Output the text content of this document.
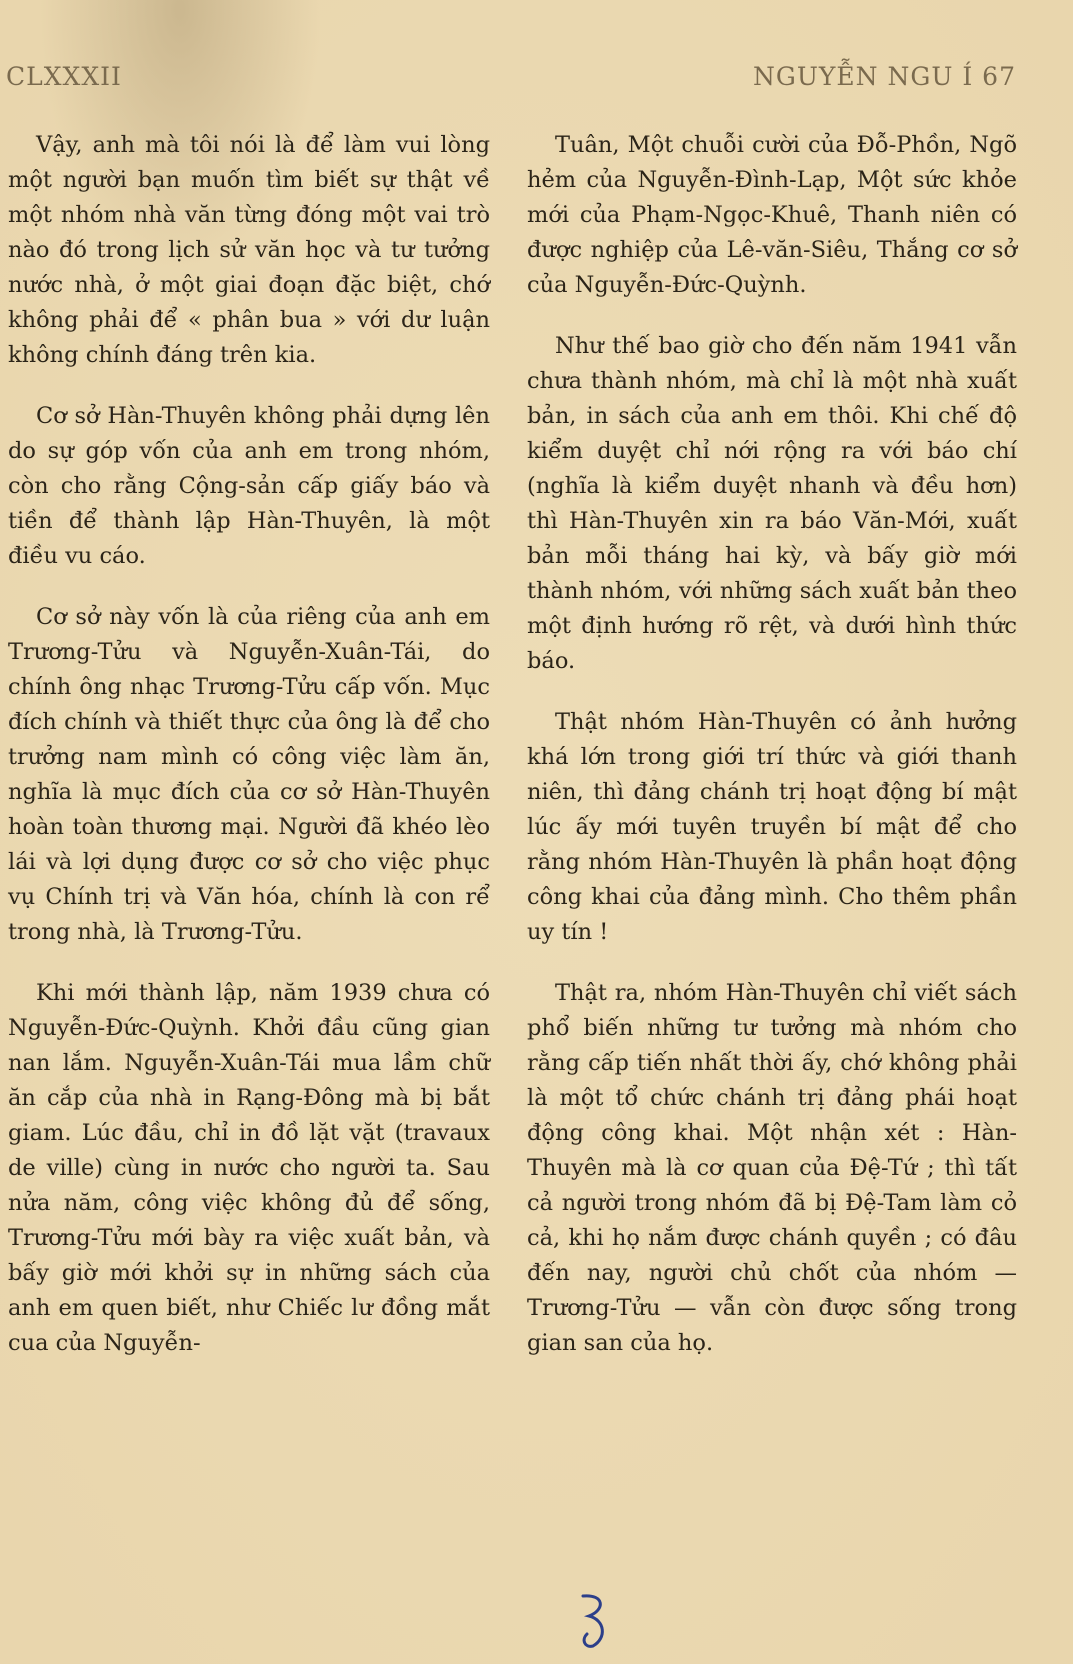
CLXXXII	NGUYỄN NGU Í 67

Vậy, anh mà tôi nói là để làm vui lòng một người bạn muốn tìm biết sự thật về một nhóm nhà văn từng đóng một vai trò nào đó trong lịch sử văn học và tư tưởng nước nhà, ở một giai đoạn đặc biệt, chớ không phải để « phân bua » với dư luận không chính đáng trên kia.

Cơ sở Hàn-Thuyên không phải dựng lên do sự góp vốn của anh em trong nhóm, còn cho rằng Cộng-sản cấp giấy báo và tiền để thành lập Hàn-Thuyên, là một điều vu cáo.

Cơ sở này vốn là của riêng của anh em Trương-Tửu và Nguyễn-Xuân-Tái, do chính ông nhạc Trương-Tửu cấp vốn. Mục đích chính và thiết thực của ông là để cho trưởng nam mình có công việc làm ăn, nghĩa là mục đích của cơ sở Hàn-Thuyên hoàn toàn thương mại. Người đã khéo lèo lái và lợi dụng được cơ sở cho việc phục vụ Chính trị và Văn hóa, chính là con rể trong nhà, là Trương-Tửu.

Khi mới thành lập, năm 1939 chưa có Nguyễn-Đức-Quỳnh. Khởi đầu cũng gian nan lắm. Nguyễn-Xuân-Tái mua lầm chữ ăn cắp của nhà in Rạng-Đông mà bị bắt giam. Lúc đầu, chỉ in đồ lặt vặt (travaux de ville) cùng in nước cho người ta. Sau nửa năm, công việc không đủ để sống, Trương-Tửu mới bày ra việc xuất bản, và bấy giờ mới khởi sự in những sách của anh em quen biết, như Chiếc lư đồng mắt cua của Nguyễn-

Tuân, Một chuỗi cười của Đỗ-Phồn, Ngõ hẻm của Nguyễn-Đình-Lạp, Một sức khỏe mới của Phạm-Ngọc-Khuê, Thanh niên có được nghiệp của Lê-văn-Siêu, Thắng cơ sở của Nguyễn-Đức-Quỳnh.

Như thế bao giờ cho đến năm 1941 vẫn chưa thành nhóm, mà chỉ là một nhà xuất bản, in sách của anh em thôi. Khi chế độ kiểm duyệt chỉ nới rộng ra với báo chí (nghĩa là kiểm duyệt nhanh và đều hơn) thì Hàn-Thuyên xin ra báo Văn-Mới, xuất bản mỗi tháng hai kỳ, và bấy giờ mới thành nhóm, với những sách xuất bản theo một định hướng rõ rệt, và dưới hình thức báo.

Thật nhóm Hàn-Thuyên có ảnh hưởng khá lớn trong giới trí thức và giới thanh niên, thì đảng chánh trị hoạt động bí mật lúc ấy mới tuyên truyền bí mật để cho rằng nhóm Hàn-Thuyên là phần hoạt động công khai của đảng mình. Cho thêm phần uy tín !

Thật ra, nhóm Hàn-Thuyên chỉ viết sách phổ biến những tư tưởng mà nhóm cho rằng cấp tiến nhất thời ấy, chớ không phải là một tổ chức chánh trị đảng phái hoạt động công khai. Một nhận xét : Hàn-Thuyên mà là cơ quan của Đệ-Tứ ; thì tất cả người trong nhóm đã bị Đệ-Tam làm cỏ cả, khi họ nắm được chánh quyền ; có đâu đến nay, người chủ chốt của nhóm — Trương-Tửu — vẫn còn được sống trong gian san của họ.
